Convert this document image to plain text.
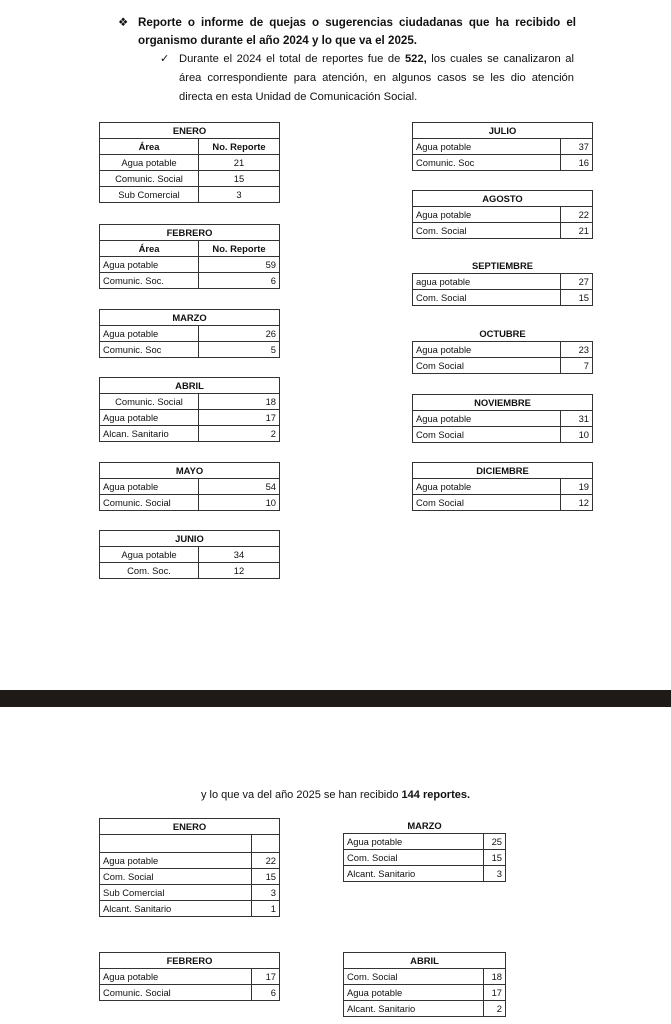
❖ Reporte o informe de quejas o sugerencias ciudadanas que ha recibido el organismo durante el año 2024 y lo que va el 2025.
✓ Durante el 2024 el total de reportes fue de 522, los cuales se canalizaron al área correspondiente para atención, en algunos casos se les dio atención directa en esta Unidad de Comunicación Social.
ENERO	
Área	No. Reporte
Agua potable	21
Comunic. Social	15
Sub Comercial	3
FEBRERO	
Área	No. Reporte
Agua potable	59
Comunic. Soc.	6
MARZO	
Agua potable	26
Comunic. Soc	5
ABRIL	
Comunic. Social	18
Agua potable	17
Alcan. Sanitario	2
MAYO	
Agua potable	54
Comunic. Social	10
JUNIO	
Agua potable	34
Com. Soc.	12
JULIO	
Agua potable	37
Comunic. Soc	16
AGOSTO	
Agua potable	22
Com. Social	21
SEPTIEMBRE	
agua potable	27
Com. Social	15
OCTUBRE	
Agua potable	23
Com Social	7
NOVIEMBRE	
Agua potable	31
Com Social	10
DICIEMBRE	
Agua potable	19
Com Social	12
y lo que va del año 2025 se han recibido 144 reportes.
ENERO	

Agua potable	22
Com. Social	15
Sub Comercial	3
Alcant. Sanitario	1
MARZO	
Agua potable	25
Com. Social	15
Alcant. Sanitario	3
FEBRERO	
Agua potable	17
Comunic. Social	6
ABRIL	
Com. Social	18
Agua potable	17
Alcant. Sanitario	2
